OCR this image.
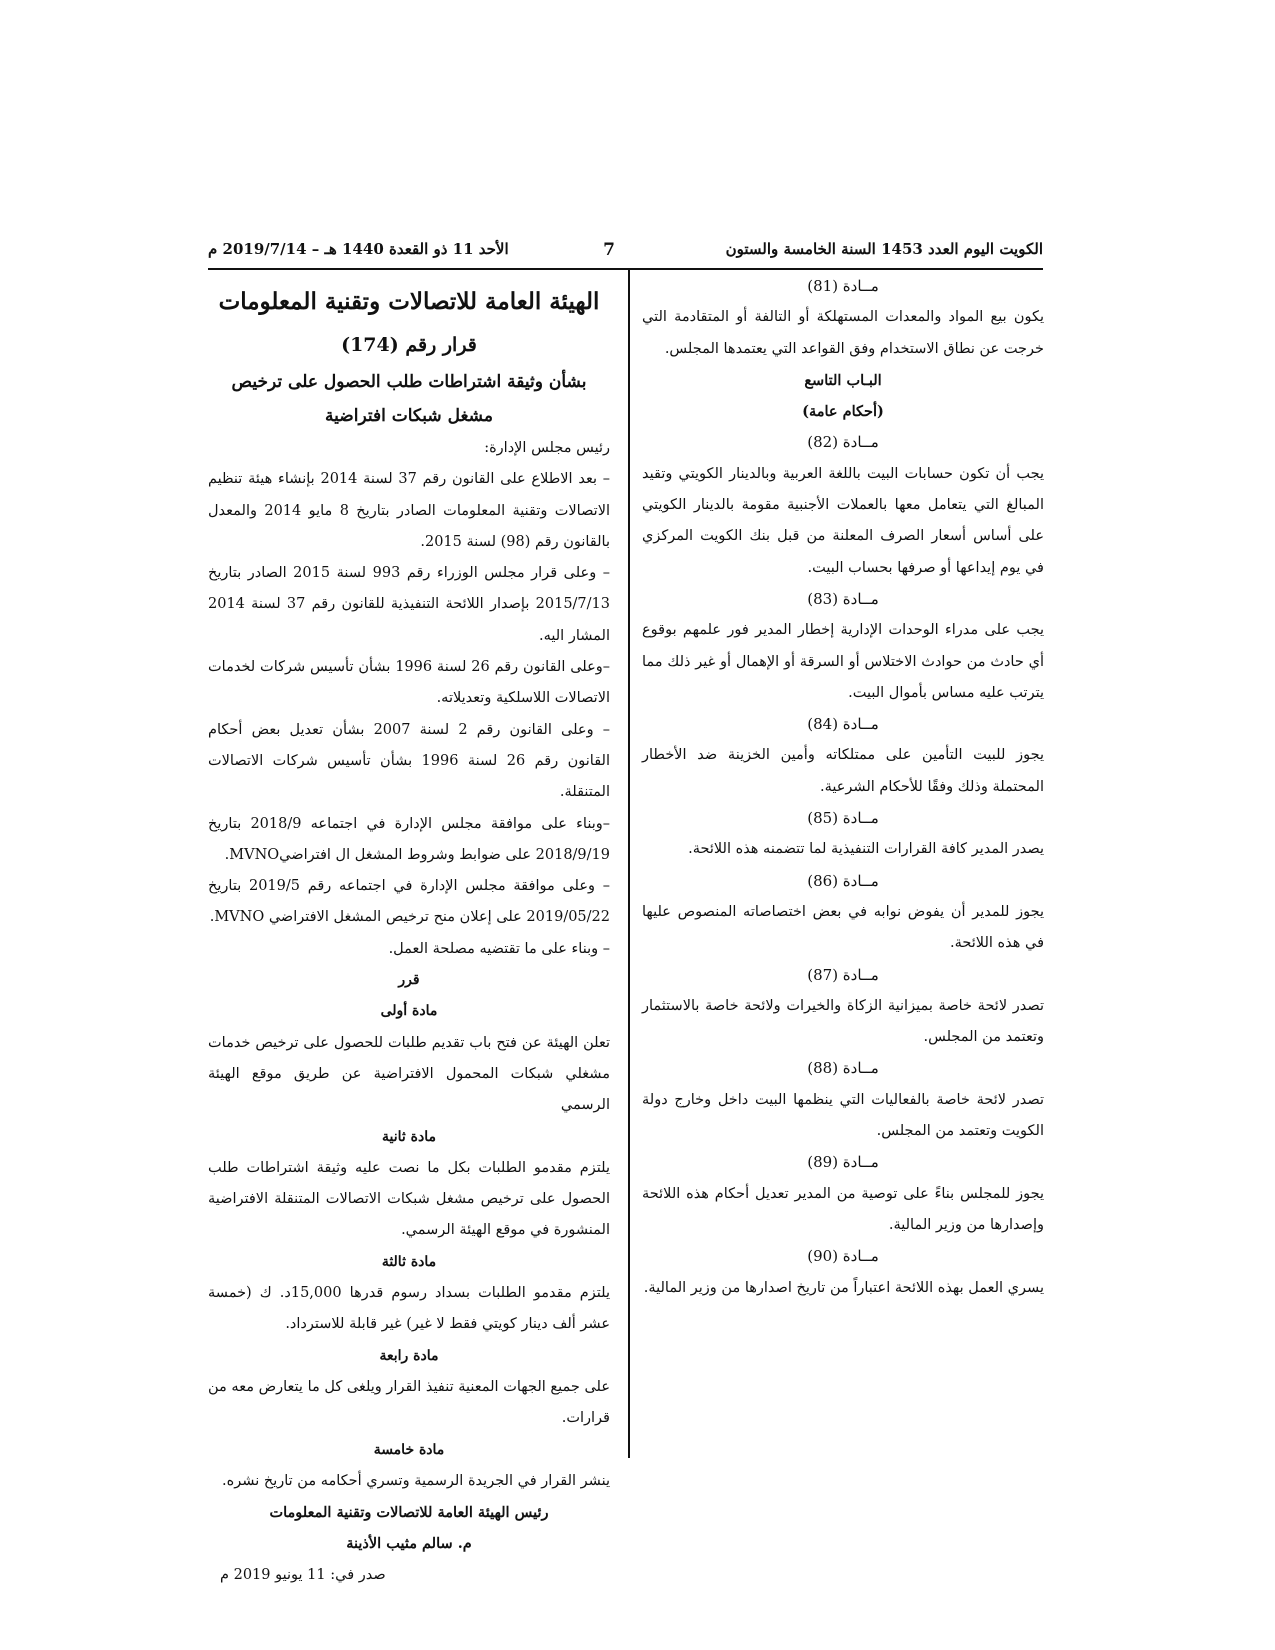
الكويت اليوم العدد 1453 السنة الخامسة والستون
7
الأحد 11 ذو القعدة 1440 هـ – 2019/7/14 م

مــادة (81)

يكون بيع المواد والمعدات المستهلكة أو التالفة أو المتقادمة التي خرجت عن نطاق الاستخدام وفق القواعد التي يعتمدها المجلس.

البـاب التاسع

(أحكام عامة)

مــادة (82)

يجب أن تكون حسابات البيت باللغة العربية وبالدينار الكويتي وتقيد المبالغ التي يتعامل معها بالعملات الأجنبية مقومة بالدينار الكويتي على أساس أسعار الصرف المعلنة من قبل بنك الكويت المركزي في يوم إيداعها أو صرفها بحساب البيت.

مــادة (83)

يجب على مدراء الوحدات الإدارية إخطار المدير فور علمهم بوقوع أي حادث من حوادث الاختلاس أو السرقة أو الإهمال أو غير ذلك مما يترتب عليه مساس بأموال البيت.

مــادة (84)

يجوز للبيت التأمين على ممتلكاته وأمين الخزينة ضد الأخطار المحتملة وذلك وفقًا للأحكام الشرعية.

مــادة (85)

يصدر المدير كافة القرارات التنفيذية لما تتضمنه هذه اللائحة.

مــادة (86)

يجوز للمدير أن يفوض نوابه في بعض اختصاصاته المنصوص عليها في هذه اللائحة.

مــادة (87)

تصدر لائحة خاصة بميزانية الزكاة والخيرات ولائحة خاصة بالاستثمار وتعتمد من المجلس.

مــادة (88)

تصدر لائحة خاصة بالفعاليات التي ينظمها البيت داخل وخارج دولة الكويت وتعتمد من المجلس.

مــادة (89)

يجوز للمجلس بناءً على توصية من المدير تعديل أحكام هذه اللائحة وإصدارها من وزير المالية.

مــادة (90)

يسري العمل بهذه اللائحة اعتباراً من تاريخ اصدارها من وزير المالية.

الهيئة العامة للاتصالات وتقنية المعلومات

قرار رقم (174)

بشأن وثيقة اشتراطات طلب الحصول على ترخيص

مشغل شبكات افتراضية

رئيس مجلس الإدارة:

– بعد الاطلاع على القانون رقم 37 لسنة 2014 بإنشاء هيئة تنظيم الاتصالات وتقنية المعلومات الصادر بتاريخ 8 مايو 2014 والمعدل بالقانون رقم (98) لسنة 2015.

– وعلى قرار مجلس الوزراء رقم 993 لسنة 2015 الصادر بتاريخ 2015/7/13 بإصدار اللائحة التنفيذية للقانون رقم 37 لسنة 2014 المشار اليه.

–وعلى القانون رقم 26 لسنة 1996 بشأن تأسيس شركات لخدمات الاتصالات اللاسلكية وتعديلاته.

– وعلى القانون رقم 2 لسنة 2007 بشأن تعديل بعض أحكام القانون رقم 26 لسنة 1996 بشأن تأسيس شركات الاتصالات المتنقلة.

–وبناء على موافقة مجلس الإدارة في اجتماعه 2018/9 بتاريخ 2018/9/19 على ضوابط وشروط المشغل ال افتراضيMVNO.

– وعلى موافقة مجلس الإدارة في اجتماعه رقم 2019/5 بتاريخ 2019/05/22 على إعلان منح ترخيص المشغل الافتراضي MVNO.

– وبناء على ما تقتضيه مصلحة العمل.

قرر

مادة أولى

تعلن الهيئة عن فتح باب تقديم طلبات للحصول على ترخيص خدمات مشغلي شبكات المحمول الافتراضية عن طريق موقع الهيئة الرسمي

مادة ثانية

يلتزم مقدمو الطلبات بكل ما نصت عليه وثيقة اشتراطات طلب الحصول على ترخيص مشغل شبكات الاتصالات المتنقلة الافتراضية المنشورة في موقع الهيئة الرسمي.

مادة ثالثة

يلتزم مقدمو الطلبات بسداد رسوم قدرها 15,000د. ك (خمسة عشر ألف دينار كويتي فقط لا غير) غير قابلة للاسترداد.

مادة رابعة

على جميع الجهات المعنية تنفيذ القرار ويلغى كل ما يتعارض معه من قرارات.

مادة خامسة

ينشر القرار في الجريدة الرسمية وتسري أحكامه من تاريخ نشره.

رئيس الهيئة العامة للاتصالات وتقنية المعلومات

م. سالم مثيب الأذينة

صدر في: 11 يونيو 2019 م
